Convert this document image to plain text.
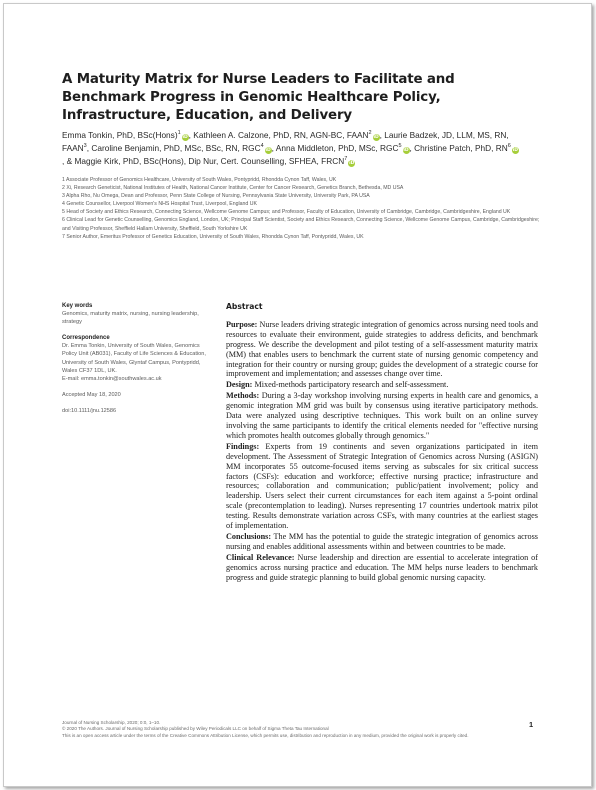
A Maturity Matrix for Nurse Leaders to Facilitate and Benchmark Progress in Genomic Healthcare Policy, Infrastructure, Education, and Delivery

Emma Tonkin, PhD, BSc(Hons)$^1$iD, Kathleen A. Calzone, PhD, RN, AGN-BC, FAAN$^2$iD, Laurie Badzek, JD, LLM, MS, RN, FAAN$^3$, Caroline Benjamin, PhD, MSc, BSc, RN, RGC$^4$iD, Anna Middleton, PhD, MSc, RGC$^5$iD, Christine Patch, PhD, $RN^6iD$, & Maggie Kirk, PhD, BSc(Hons), Dip Nur, Cert. Counselling, SFHEA, FRCN$^7$iD

1 Associate Professor of Genomics Healthcare, University of South Wales, Pontypridd, Rhondda Cynon Taff, Wales, UK
2 Xi, Research Geneticist, National Institutes of Health, National Cancer Institute, Center for Cancer Research, Genetics Branch, Bethesda, MD USA
3 Alpha Rho, Nu Omega, Dean and Professor, Penn State College of Nursing, Pennsylvania State University, University Park, PA USA
4 Genetic Counsellor, Liverpool Women's NHS Hospital Trust, Liverpool, England UK
5 Head of Society and Ethics Research, Connecting Science, Wellcome Genome Campus; and Professor, Faculty of Education, University of Cambridge, Cambridge, Cambridgeshire, England UK
6 Clinical Lead for Genetic Counselling, Genomics England, London, UK; Principal Staff Scientist, Society and Ethics Research, Connecting Science, Wellcome Genome Campus, Cambridge, Cambridgeshire; and Visiting Professor, Sheffield Hallam University, Sheffield, South Yorkshire UK
7 Senior Author, Emeritus Professor of Genetics Education, University of South Wales, Rhondda Cynon Taff, Pontypridd, Wales, UK

Key words

Genomics, maturity matrix, nursing, nursing leadership, strategy

Correspondence

Dr. Emma Tonkin, University of South Wales, Genomics Policy Unit (AB031), Faculty of Life Sciences & Education, University of South Wales, Glyntaf Campus, Pontypridd, Wales CF37 1DL, UK.

E-mail: emma.tonkin@southwales.ac.uk

Accepted May 18, 2020

doi:10.1111/jnu.12586

Abstract

Purpose: Nurse leaders driving strategic integration of genomics across nursing need tools and resources to evaluate their environment, guide strategies to address deficits, and benchmark progress. We describe the development and pilot testing of a self-assessment maturity matrix (MM) that enables users to benchmark the current state of nursing genomic competency and integration for their country or nursing group; guides the development of a strategic course for improvement and implementation; and assesses change over time.

Design: Mixed-methods participatory research and self-assessment.

Methods: During a 3-day workshop involving nursing experts in health care and genomics, a genomic integration MM grid was built by consensus using iterative participatory methods. Data were analyzed using descriptive techniques. This work built on an online survey involving the same participants to identify the critical elements needed for "effective nursing which promotes health outcomes globally through genomics."

Findings: Experts from 19 continents and seven organizations participated in item development. The Assessment of Strategic Integration of Genomics across Nursing (ASIGN) MM incorporates 55 outcome-focused items serving as subscales for six critical success factors (CSFs): education and workforce; effective nursing practice; infrastructure and resources; collaboration and communication; public/patient involvement; policy and leadership. Users select their current circumstances for each item against a 5-point ordinal scale (precontemplation to leading). Nurses representing 17 countries undertook matrix pilot testing. Results demonstrate variation across CSFs, with many countries at the earliest stages of implementation.

Conclusions: The MM has the potential to guide the strategic integration of genomics across nursing and enables additional assessments within and between countries to be made.

Clinical Relevance: Nurse leadership and direction are essential to accelerate integration of genomics across nursing practice and education. The MM helps nurse leaders to benchmark progress and guide strategic planning to build global genomic nursing capacity.

Journal of Nursing Scholarship, 2020; 0:0, 1–10.

© 2020 The Authors. Journal of Nursing Scholarship published by Wiley Periodicals LLC on behalf of Sigma Theta Tau International

This is an open access article under the terms of the Creative Commons Attribution License, which permits use, distribution and reproduction in any medium, provided the original work is properly cited.

1
